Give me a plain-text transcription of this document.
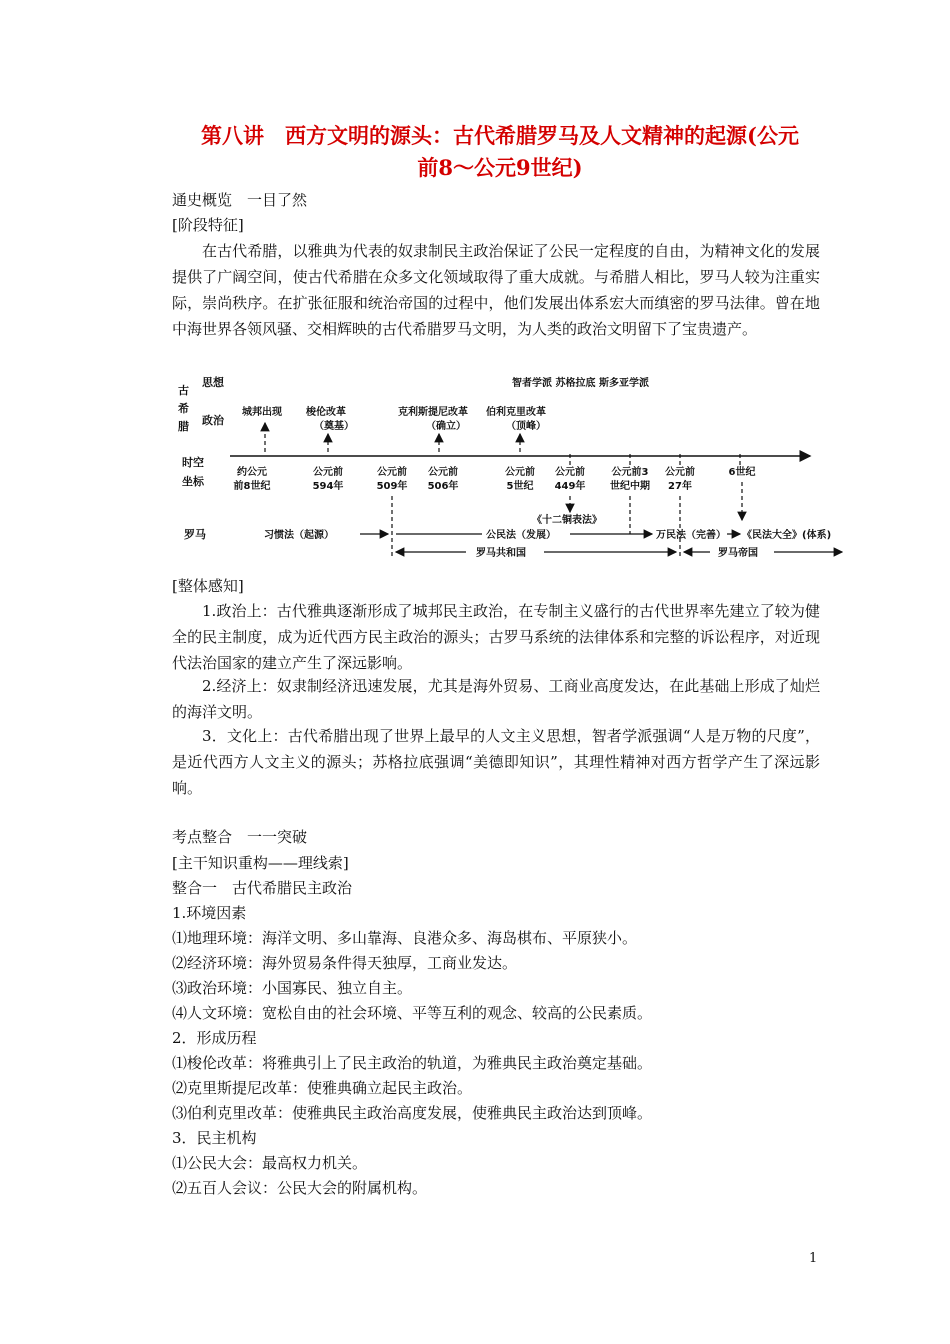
第八讲　西方文明的源头：古代希腊罗马及人文精神的起源(公元
前8～公元9世纪)
通史概览　一目了然
[阶段特征]
在古代希腊，以雅典为代表的奴隶制民主政治保证了公民一定程度的自由，为精神文化的发展提供了广阔空间，使古代希腊在众多文化领域取得了重大成就。与希腊人相比，罗马人较为注重实际，崇尚秩序。在扩张征服和统治帝国的过程中，他们发展出体系宏大而缜密的罗马法律。曾在地中海世界各领风骚、交相辉映的古代希腊罗马文明，为人类的政治文明留下了宝贵遗产。
古
希
腊
思想
政治
时空
坐标
罗马
智者学派 苏格拉底 斯多亚学派
城邦出现 梭伦改革
（奠基）
克利斯提尼改革
（确立）
伯利克里改革
（顶峰）
约公元
前8世纪
公元前
594年
公元前
509年
公元前
506年
公元前
5世纪
公元前
449年
公元前3
世纪中期
公元前
27年
6世纪
《十二铜表法》
习惯法（起源）	公民法（发展）	万民法（完善） 《民法大全》(体系)
罗马共和国	罗马帝国
[整体感知]
1.政治上：古代雅典逐渐形成了城邦民主政治，在专制主义盛行的古代世界率先建立了较为健全的民主制度，成为近代西方民主政治的源头；古罗马系统的法律体系和完整的诉讼程序，对近现代法治国家的建立产生了深远影响。
2.经济上：奴隶制经济迅速发展，尤其是海外贸易、工商业高度发达，在此基础上形成了灿烂的海洋文明。
3．文化上：古代希腊出现了世界上最早的人文主义思想，智者学派强调“人是万物的尺度”，是近代西方人文主义的源头；苏格拉底强调“美德即知识”，其理性精神对西方哲学产生了深远影响。
考点整合　一一突破
[主干知识重构——理线索]
整合一　古代希腊民主政治
1.环境因素
⑴地理环境：海洋文明、多山靠海、良港众多、海岛棋布、平原狭小。
⑵经济环境：海外贸易条件得天独厚，工商业发达。
⑶政治环境：小国寡民、独立自主。
⑷人文环境：宽松自由的社会环境、平等互利的观念、较高的公民素质。
2．形成历程
⑴梭伦改革：将雅典引上了民主政治的轨道，为雅典民主政治奠定基础。
⑵克里斯提尼改革：使雅典确立起民主政治。
⑶伯利克里改革：使雅典民主政治高度发展，使雅典民主政治达到顶峰。
3．民主机构
⑴公民大会：最高权力机关。
⑵五百人会议：公民大会的附属机构。
1
